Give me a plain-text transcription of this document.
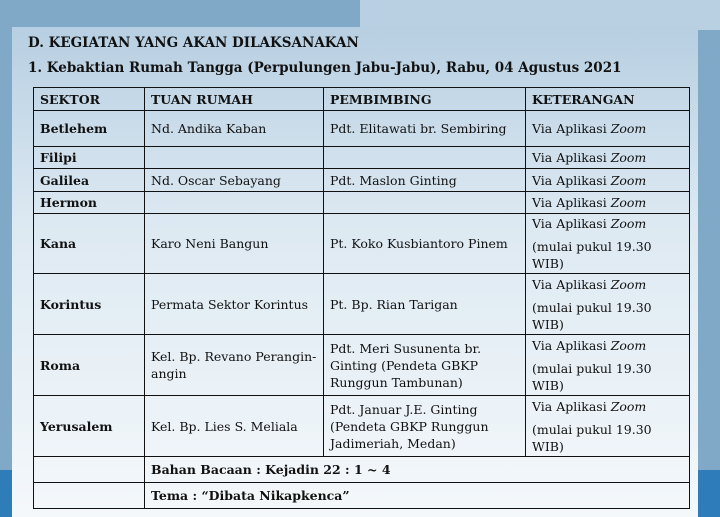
D. KEGIATAN YANG AKAN DILAKSANAKAN
1. Kebaktian Rumah Tangga (Perpulungen Jabu-Jabu), Rabu, 04 Agustus 2021
SEKTOR	TUAN RUMAH	PEMBIMBING	KETERANGAN
Betlehem	Nd. Andika Kaban	Pdt. Elitawati br. Sembiring	Via Aplikasi Zoom
Filipi			Via Aplikasi Zoom
Galilea	Nd. Oscar Sebayang	Pdt. Maslon Ginting	Via Aplikasi Zoom
Hermon			Via Aplikasi Zoom
Kana	Karo Neni Bangun	Pt. Koko Kusbiantoro Pinem	Via Aplikasi Zoom
(mulai pukul 19.30 WIB)
Korintus	Permata Sektor Korintus	Pt. Bp. Rian Tarigan	Via Aplikasi Zoom
(mulai pukul 19.30 WIB)
Roma	Kel. Bp. Revano Perangin-angin	Pdt. Meri Susunenta br. Ginting (Pendeta GBKP Runggun Tambunan)	Via Aplikasi Zoom
(mulai pukul 19.30 WIB)
Yerusalem	Kel. Bp. Lies S. Meliala	Pdt. Januar J.E. Ginting (Pendeta GBKP Runggun Jadimeriah, Medan)	Via Aplikasi Zoom
(mulai pukul 19.30 WIB)
	Bahan Bacaan : Kejadin 22 : 1 ~ 4		
	Tema : “Dibata Nikapkenca”		
